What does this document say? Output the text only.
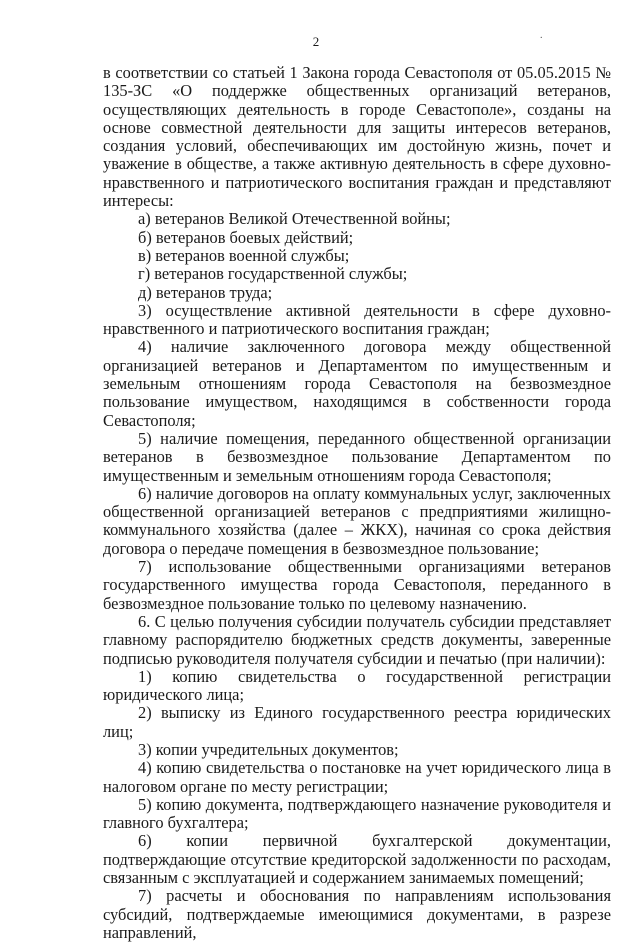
2	.

в соответствии со статьей 1 Закона города Севастополя от 05.05.2015 № 135-ЗС «О поддержке общественных организаций ветеранов, осуществляющих деятельность в городе Севастополе», созданы на основе совместной деятельности для защиты интересов ветеранов, создания условий, обеспечивающих им достойную жизнь, почет и уважение в обществе, а также активную деятельность в сфере духовно-нравственного и патриотического воспитания граждан и представляют интересы:

а) ветеранов Великой Отечественной войны;

б) ветеранов боевых действий;

в) ветеранов военной службы;

г) ветеранов государственной службы;

д) ветеранов труда;

3) осуществление активной деятельности в сфере духовно-нравственного и патриотического воспитания граждан;

4) наличие заключенного договора между общественной организацией ветеранов и Департаментом по имущественным и земельным отношениям города Севастополя на безвозмездное пользование имуществом, находящимся в собственности города Севастополя;

5) наличие помещения, переданного общественной организации ветеранов в безвозмездное пользование Департаментом по имущественным и земельным отношениям города Севастополя;

6) наличие договоров на оплату коммунальных услуг, заключенных общественной организацией ветеранов с предприятиями жилищно-коммунального хозяйства (далее – ЖКХ), начиная со срока действия договора о передаче помещения в безвозмездное пользование;

7) использование общественными организациями ветеранов государственного имущества города Севастополя, переданного в безвозмездное пользование только по целевому назначению.

6. С целью получения субсидии получатель субсидии представляет главному распорядителю бюджетных средств документы, заверенные подписью руководителя получателя субсидии и печатью (при наличии):

1) копию свидетельства о государственной регистрации юридического лица;

2) выписку из Единого государственного реестра юридических лиц;

3) копии учредительных документов;

4) копию свидетельства о постановке на учет юридического лица в налоговом органе по месту регистрации;

5) копию документа, подтверждающего назначение руководителя и главного бухгалтера;

6) копии первичной бухгалтерской документации, подтверждающие отсутствие кредиторской задолженности по расходам, связанным с эксплуатацией и содержанием занимаемых помещений;

7) расчеты и обоснования по направлениям использования субсидий, подтверждаемые имеющимися документами, в разрезе направлений,
